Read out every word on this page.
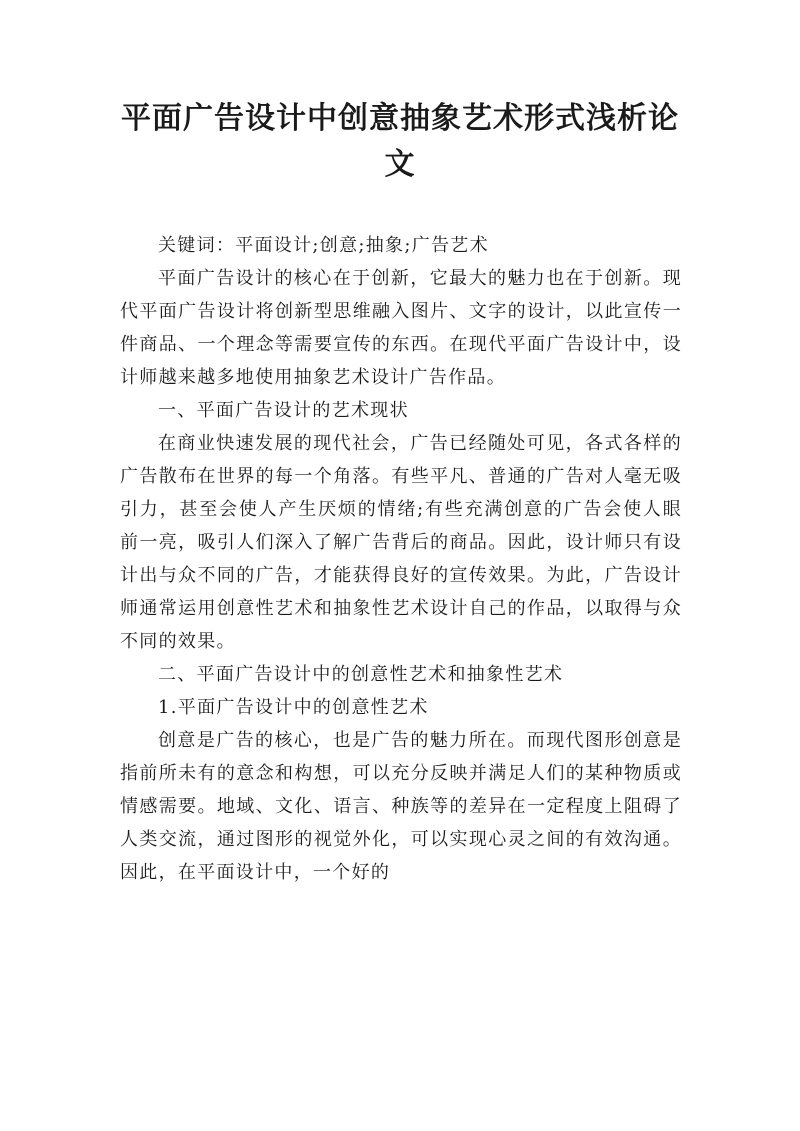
平面广告设计中创意抽象艺术形式浅析论文

关键词：平面设计;创意;抽象;广告艺术

平面广告设计的核心在于创新，它最大的魅力也在于创新。现代平面广告设计将创新型思维融入图片、文字的设计，以此宣传一件商品、一个理念等需要宣传的东西。在现代平面广告设计中，设计师越来越多地使用抽象艺术设计广告作品。

一、平面广告设计的艺术现状

在商业快速发展的现代社会，广告已经随处可见，各式各样的广告散布在世界的每一个角落。有些平凡、普通的广告对人毫无吸引力，甚至会使人产生厌烦的情绪;有些充满创意的广告会使人眼前一亮，吸引人们深入了解广告背后的商品。因此，设计师只有设计出与众不同的广告，才能获得良好的宣传效果。为此，广告设计师通常运用创意性艺术和抽象性艺术设计自己的作品，以取得与众不同的效果。

二、平面广告设计中的创意性艺术和抽象性艺术

1.平面广告设计中的创意性艺术

创意是广告的核心，也是广告的魅力所在。而现代图形创意是指前所未有的意念和构想，可以充分反映并满足人们的某种物质或情感需要。地域、文化、语言、种族等的差异在一定程度上阻碍了人类交流，通过图形的视觉外化，可以实现心灵之间的有效沟通。因此，在平面设计中，一个好的
